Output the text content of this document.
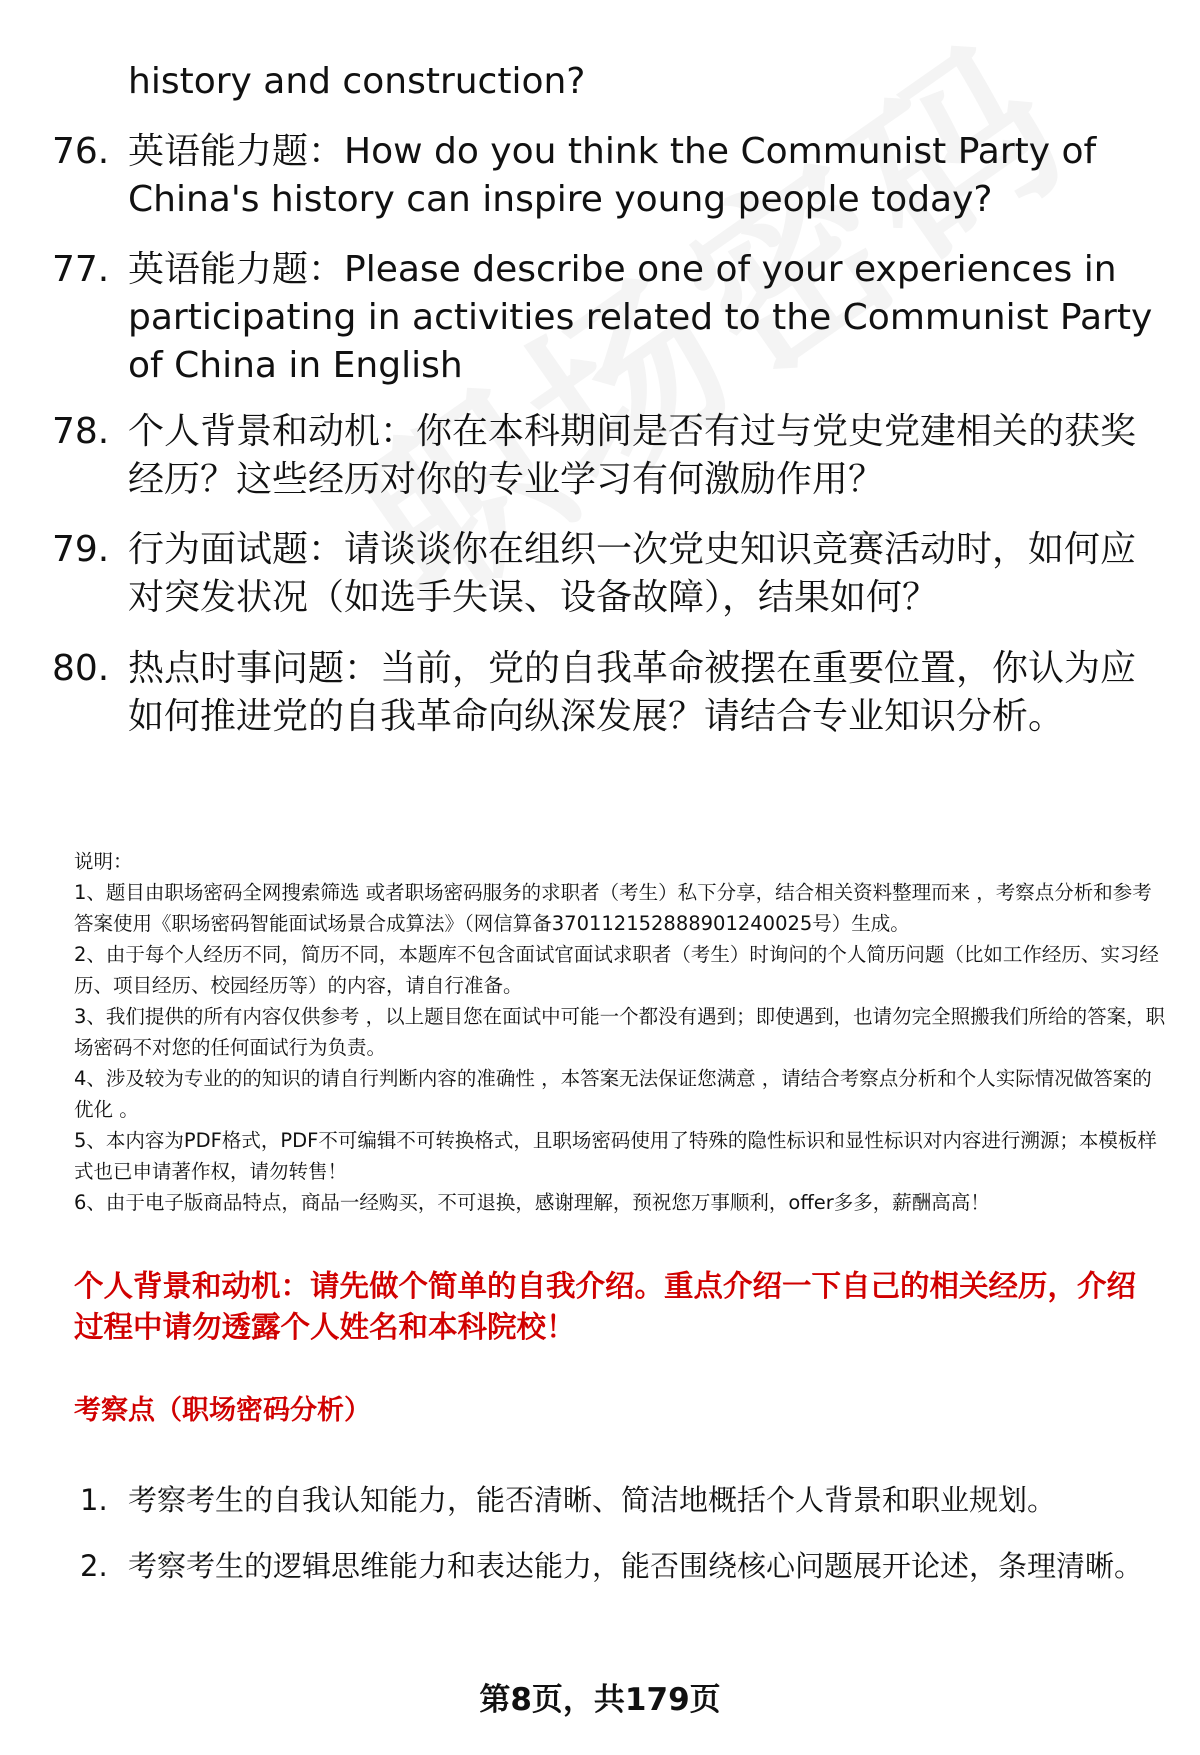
history and construction?
76. 英语能力题：How do you think the Communist Party of China's history can inspire young people today?
77. 英语能力题：Please describe one of your experiences in participating in activities related to the Communist Party of China in English
78. 个人背景和动机：你在本科期间是否有过与党史党建相关的获奖经历？这些经历对你的专业学习有何激励作用？
79. 行为面试题：请谈谈你在组织一次党史知识竞赛活动时，如何应对突发状况（如选手失误、设备故障），结果如何？
80. 热点时事问题：当前，党的自我革命被摆在重要位置，你认为应如何推进党的自我革命向纵深发展？请结合专业知识分析。

说明：

1、题目由职场密码全网搜索筛选 或者职场密码服务的求职者（考生）私下分享，结合相关资料整理而来 ，考察点分析和参考答案使用《职场密码智能面试场景合成算法》（网信算备370112152888901240025号）生成。

2、由于每个人经历不同，简历不同，本题库不包含面试官面试求职者（考生）时询问的个人简历问题（比如工作经历、实习经历、项目经历、校园经历等）的内容，请自行准备。

3、我们提供的所有内容仅供参考 ，以上题目您在面试中可能一个都没有遇到；即使遇到，也请勿完全照搬我们所给的答案，职场密码不对您的任何面试行为负责。

4、涉及较为专业的的知识的请自行判断内容的准确性 ，本答案无法保证您满意 ，请结合考察点分析和个人实际情况做答案的优化 。

5、本内容为PDF格式，PDF不可编辑不可转换格式，且职场密码使用了特殊的隐性标识和显性标识对内容进行溯源；本模板样式也已申请著作权，请勿转售！

6、由于电子版商品特点，商品一经购买，不可退换，感谢理解，预祝您万事顺利，offer多多，薪酬高高！

个人背景和动机：请先做个简单的自我介绍。重点介绍一下自己的相关经历，介绍过程中请勿透露个人姓名和本科院校！
考察点（职场密码分析）
1. 考察考生的自我认知能力，能否清晰、简洁地概括个人背景和职业规划。
2. 考察考生的逻辑思维能力和表达能力，能否围绕核心问题展开论述，条理清晰。
第8页，共179页
